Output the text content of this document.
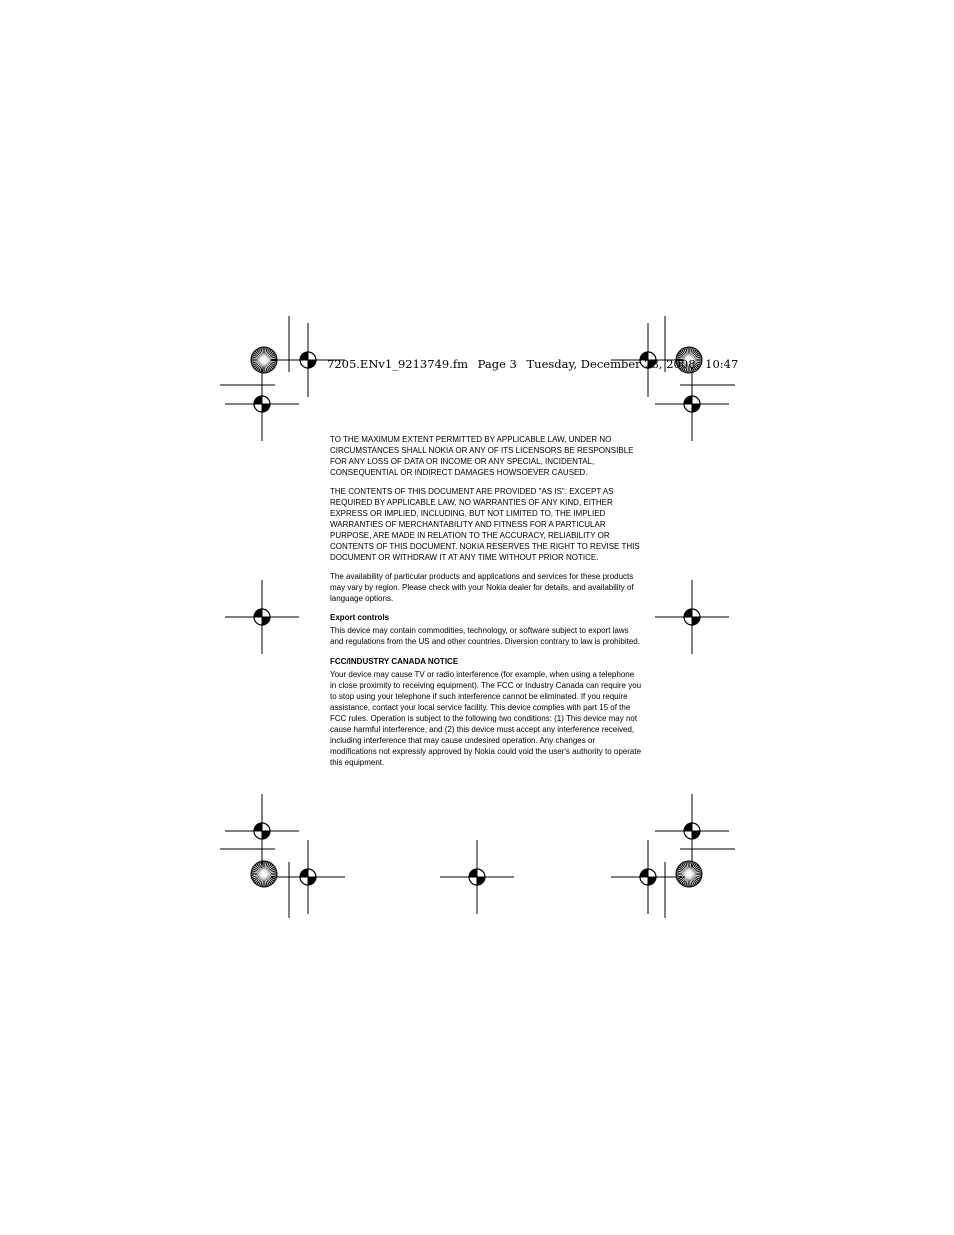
7205.ENv1_9213749.fm Page 3 Tuesday, December 23, 2008 10:47

TO THE MAXIMUM EXTENT PERMITTED BY APPLICABLE LAW, UNDER NO CIRCUMSTANCES SHALL NOKIA OR ANY OF ITS LICENSORS BE RESPONSIBLE FOR ANY LOSS OF DATA OR INCOME OR ANY SPECIAL, INCIDENTAL, CONSEQUENTIAL OR INDIRECT DAMAGES HOWSOEVER CAUSED.

THE CONTENTS OF THIS DOCUMENT ARE PROVIDED "AS IS". EXCEPT AS REQUIRED BY APPLICABLE LAW, NO WARRANTIES OF ANY KIND, EITHER EXPRESS OR IMPLIED, INCLUDING, BUT NOT LIMITED TO, THE IMPLIED WARRANTIES OF MERCHANTABILITY AND FITNESS FOR A PARTICULAR PURPOSE, ARE MADE IN RELATION TO THE ACCURACY, RELIABILITY OR CONTENTS OF THIS DOCUMENT. NOKIA RESERVES THE RIGHT TO REVISE THIS DOCUMENT OR WITHDRAW IT AT ANY TIME WITHOUT PRIOR NOTICE.

The availability of particular products and applications and services for these products may vary by region. Please check with your Nokia dealer for details, and availability of language options.

Export controls

This device may contain commodities, technology, or software subject to export laws and regulations from the US and other countries. Diversion contrary to law is prohibited.

FCC/INDUSTRY CANADA NOTICE

Your device may cause TV or radio interference (for example, when using a telephone in close proximity to receiving equipment). The FCC or Industry Canada can require you to stop using your telephone if such interference cannot be eliminated. If you require assistance, contact your local service facility. This device complies with part 15 of the FCC rules. Operation is subject to the following two conditions: (1) This device may not cause harmful interference, and (2) this device must accept any interference received, including interference that may cause undesired operation. Any changes or modifications not expressly approved by Nokia could void the user's authority to operate this equipment.
